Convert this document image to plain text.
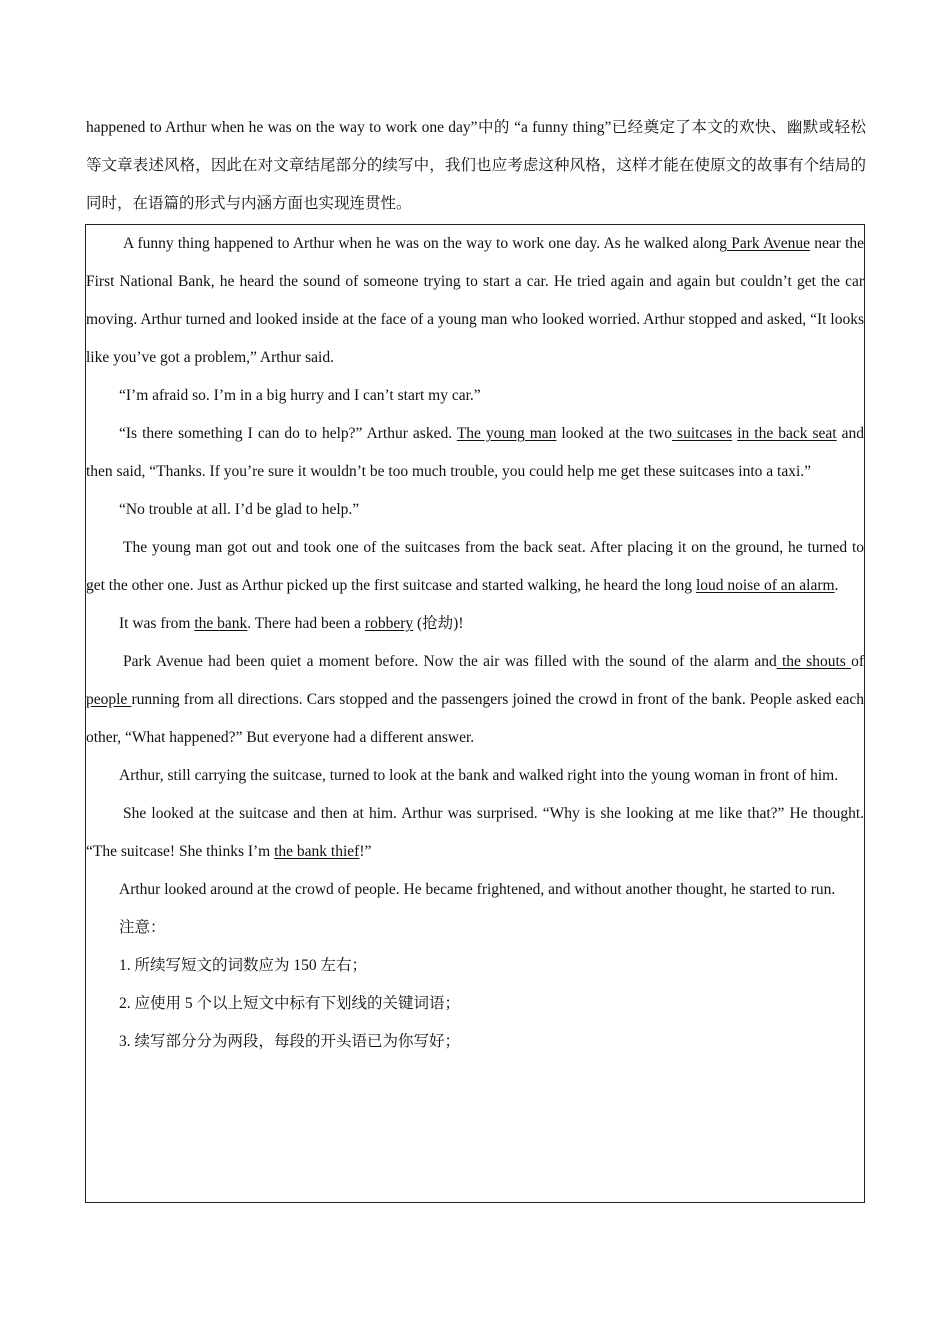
happened to Arthur when he was on the way to work one day”中的 “a funny thing”已经奠定了本文的欢快、幽默或轻松等文章表述风格，因此在对文章结尾部分的续写中，我们也应考虑这种风格，这样才能在使原文的故事有个结局的同时，在语篇的形式与内涵方面也实现连贯性。

A funny thing happened to Arthur when he was on the way to work one day. As he walked along Park Avenue near the First National Bank, he heard the sound of someone trying to start a car. He tried again and again but couldn’t get the car moving. Arthur turned and looked inside at the face of a young man who looked worried. Arthur stopped and asked, “It looks like you’ve got a problem,” Arthur said.

“I’m afraid so. I’m in a big hurry and I can’t start my car.”

“Is there something I can do to help?” Arthur asked. The young man looked at the two suitcases in the back seat and then said, “Thanks. If you’re sure it wouldn’t be too much trouble, you could help me get these suitcases into a taxi.”

“No trouble at all. I’d be glad to help.”

The young man got out and took one of the suitcases from the back seat. After placing it on the ground, he turned to get the other one. Just as Arthur picked up the first suitcase and started walking, he heard the long loud noise of an alarm.

It was from the bank. There had been a robbery (抢劫)!

Park Avenue had been quiet a moment before. Now the air was filled with the sound of the alarm and the shouts of people running from all directions. Cars stopped and the passengers joined the crowd in front of the bank. People asked each other, “What happened?” But everyone had a different answer.

Arthur, still carrying the suitcase, turned to look at the bank and walked right into the young woman in front of him.

She looked at the suitcase and then at him. Arthur was surprised. “Why is she looking at me like that?” He thought. “The suitcase! She thinks I’m the bank thief!”

Arthur looked around at the crowd of people. He became frightened, and without another thought, he started to run.

注意：

1. 所续写短文的词数应为 150 左右；

2. 应使用 5 个以上短文中标有下划线的关键词语；

3. 续写部分分为两段，每段的开头语已为你写好；
